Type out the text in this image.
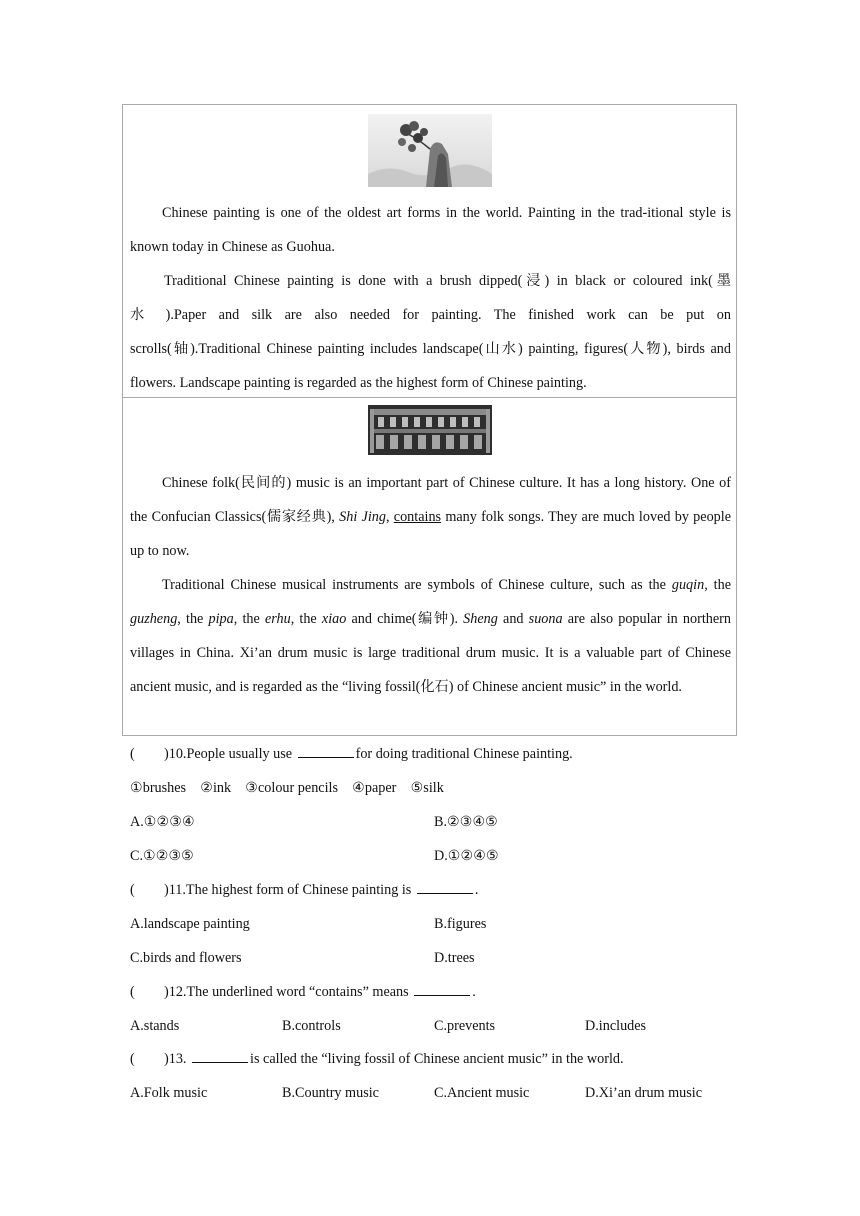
Chinese painting is one of the oldest art forms in the world. Painting in the trad-itional style is known today in Chinese as Guohua.

Traditional Chinese painting is done with a brush dipped(浸) in black or coloured ink(墨

水 ).Paper and silk are also needed for painting. The finished work can be put on
scrolls(轴).Traditional Chinese painting includes landscape(山水) painting, figures(人物), birds and flowers. Landscape painting is regarded as the highest form of Chinese painting.

Chinese folk(民间的) music is an important part of Chinese culture. It has a long history. One of the Confucian Classics(儒家经典), Shi Jing, contains many folk songs. They are much loved by people up to now.

Traditional Chinese musical instruments are symbols of Chinese culture, such as the guqin, the guzheng, the pipa, the erhu, the xiao and chime(编钟). Sheng and suona are also popular in northern villages in China. Xi’an drum music is large traditional drum music. It is a valuable part of Chinese ancient music, and is regarded as the “living fossil(化石) of Chinese ancient music” in the world.

( )10.People usually use	for doing traditional Chinese painting.
①brushes    ②ink    ③colour pencils    ④paper    ⑤silk
A.①②③④	B.②③④⑤
C.①②③⑤	D.①②④⑤
( )11.The highest form of Chinese painting is	.
A.landscape painting	B.figures
C.birds and flowers	D.trees
( )12.The underlined word “contains” means	.
A.stands	B.controls	C.prevents	D.includes
( )13.	is called the “living fossil of Chinese ancient music” in the world.
A.Folk music	B.Country music	C.Ancient music	D.Xi’an drum music
